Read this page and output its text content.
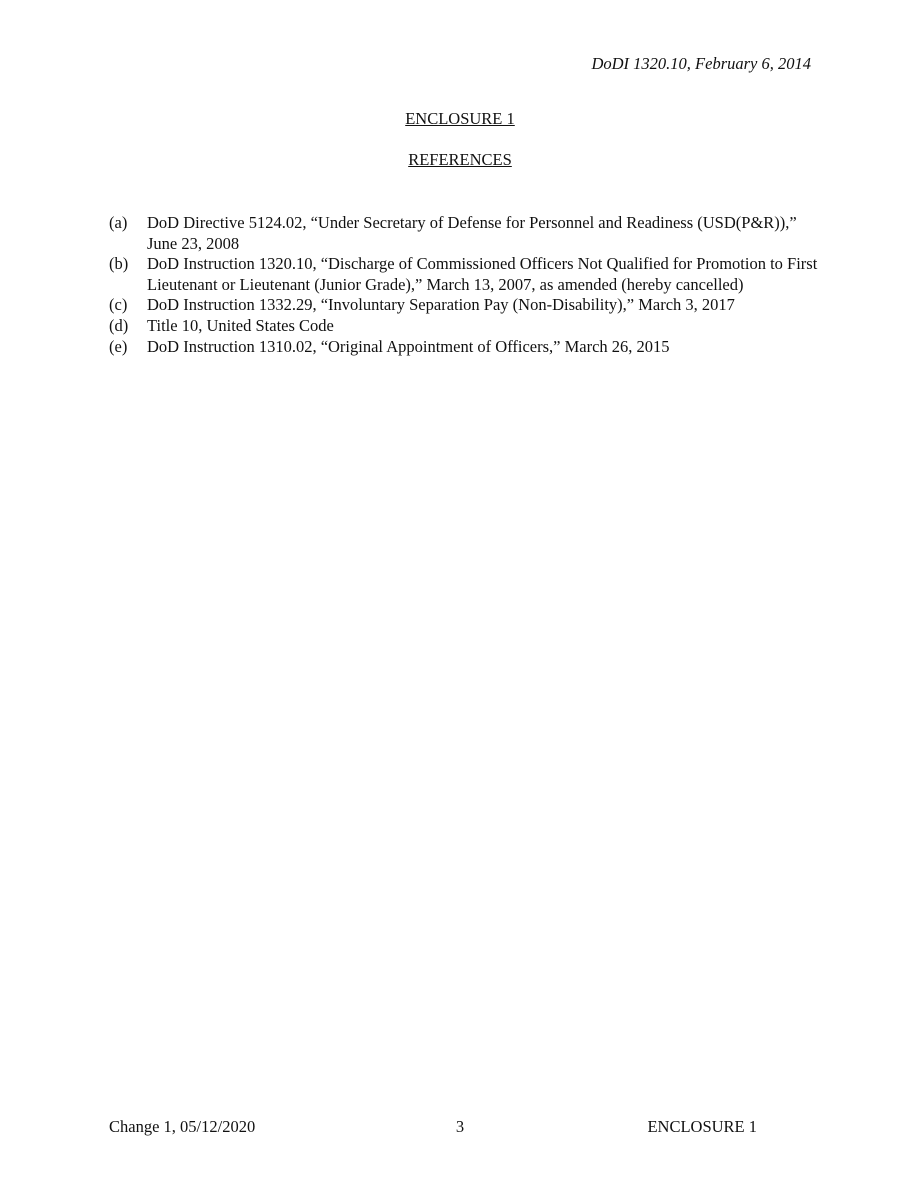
DoDI 1320.10, February 6, 2014
ENCLOSURE 1
REFERENCES
(a)	DoD Directive 5124.02, “Under Secretary of Defense for Personnel and Readiness (USD(P&R)),” June 23, 2008
(b)	DoD Instruction 1320.10, “Discharge of Commissioned Officers Not Qualified for Promotion to First Lieutenant or Lieutenant (Junior Grade),” March 13, 2007, as amended (hereby cancelled)
(c)	DoD Instruction 1332.29, “Involuntary Separation Pay (Non-Disability),” March 3, 2017
(d)	Title 10, United States Code
(e)	DoD Instruction 1310.02, “Original Appointment of Officers,” March 26, 2015
Change 1, 05/12/2020	3	ENCLOSURE 1
